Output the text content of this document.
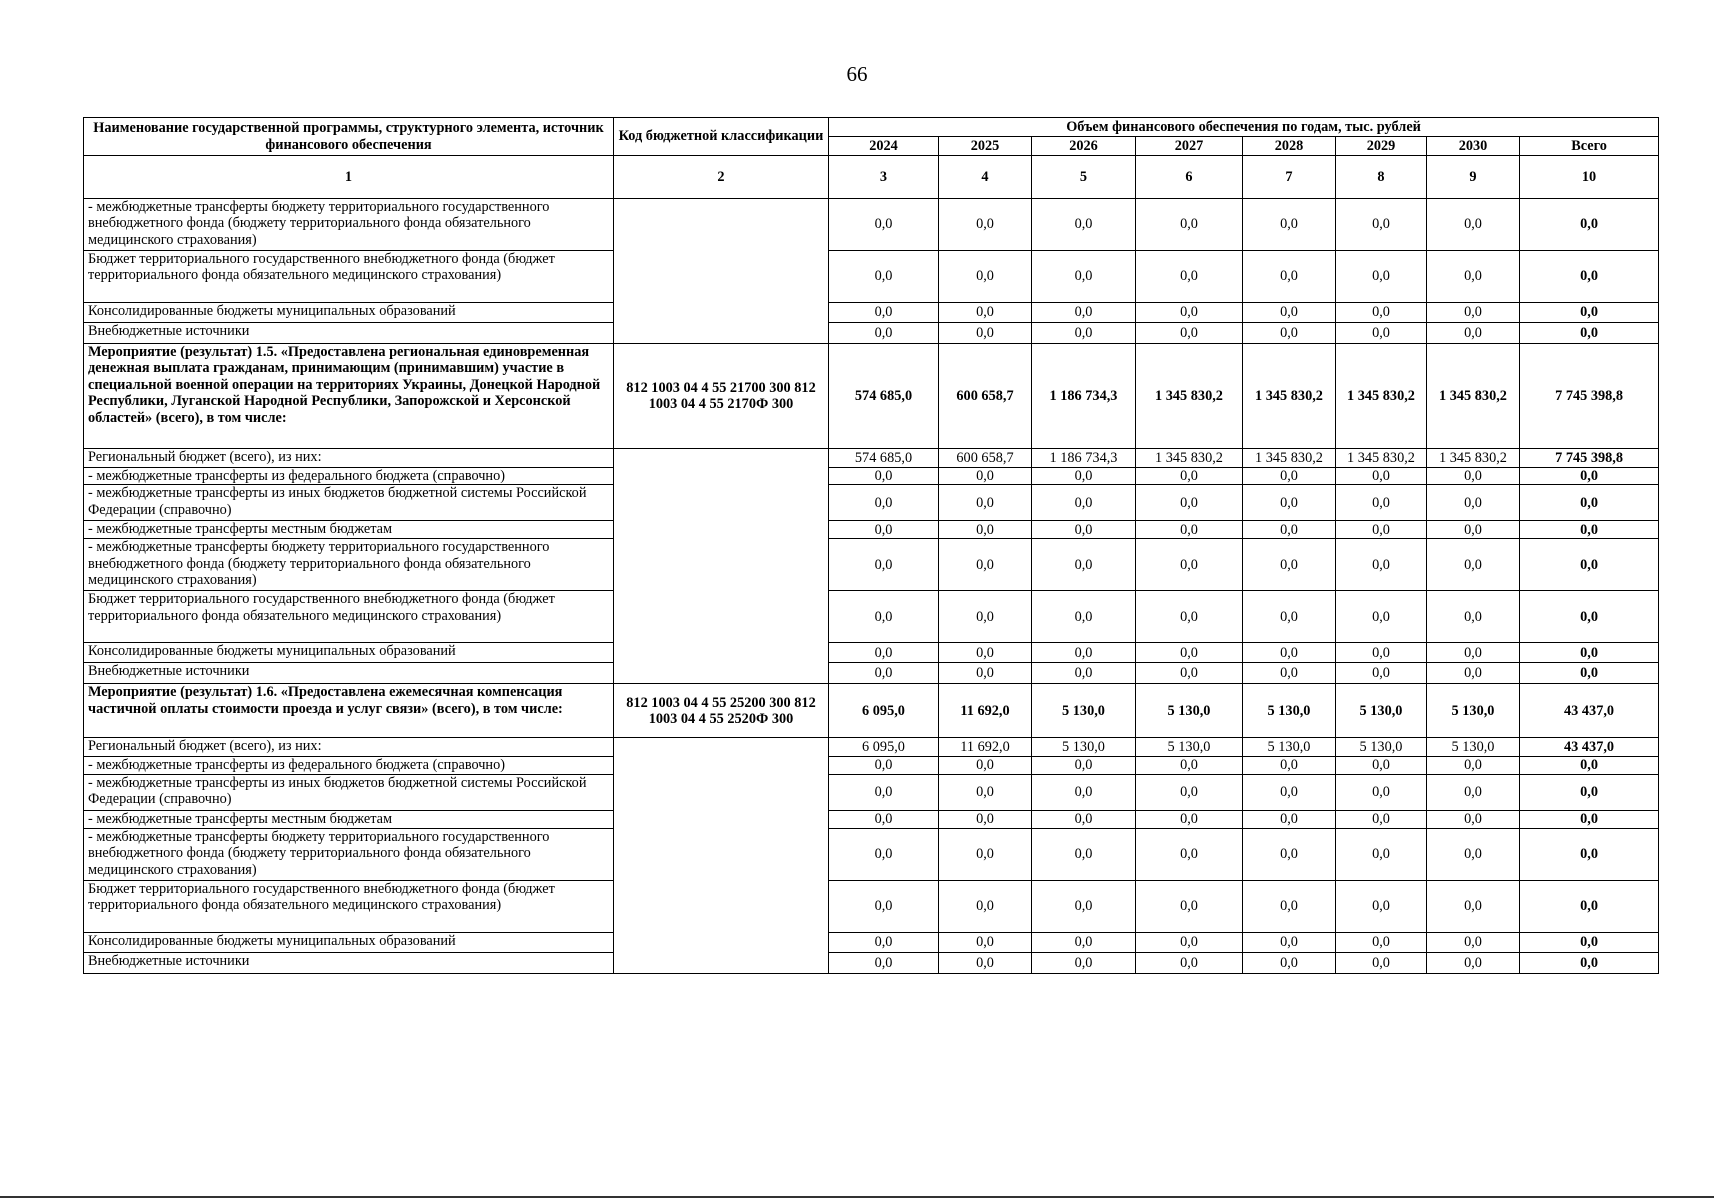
66
Наименование государственной программы, структурного элемента, источник финансового обеспечения	Код бюджетной классификации	Объем финансового обеспечения по годам, тыс. рублей							
		2024	2025	2026	2027	2028	2029	2030	Всего
1	2	3	4	5	6	7	8	9	10
- межбюджетные трансферты бюджету территориального государственного внебюджетного фонда (бюджету территориального фонда обязательного медицинского страхования)		0,0	0,0	0,0	0,0	0,0	0,0	0,0	0,0
Бюджет территориального государственного внебюджетного фонда (бюджет территориального фонда обязательного медицинского страхования)		0,0	0,0	0,0	0,0	0,0	0,0	0,0	0,0
Консолидированные бюджеты муниципальных образований		0,0	0,0	0,0	0,0	0,0	0,0	0,0	0,0
Внебюджетные источники		0,0	0,0	0,0	0,0	0,0	0,0	0,0	0,0
Мероприятие (результат) 1.5. «Предоставлена региональная единовременная денежная выплата гражданам, принимающим (принимавшим) участие в специальной военной операции на территориях Украины, Донецкой Народной Республики, Луганской Народной Республики, Запорожской и Херсонской областей» (всего), в том числе:	812 1003 04 4 55 21700 300 812 1003 04 4 55 2170Ф 300	574 685,0	600 658,7	1 186 734,3	1 345 830,2	1 345 830,2	1 345 830,2	1 345 830,2	7 745 398,8
Региональный бюджет (всего), из них:		574 685,0	600 658,7	1 186 734,3	1 345 830,2	1 345 830,2	1 345 830,2	1 345 830,2	7 745 398,8
- межбюджетные трансферты из федерального бюджета (справочно)		0,0	0,0	0,0	0,0	0,0	0,0	0,0	0,0
- межбюджетные трансферты из иных бюджетов бюджетной системы Российской Федерации (справочно)		0,0	0,0	0,0	0,0	0,0	0,0	0,0	0,0
- межбюджетные трансферты местным бюджетам		0,0	0,0	0,0	0,0	0,0	0,0	0,0	0,0
- межбюджетные трансферты бюджету территориального государственного внебюджетного фонда (бюджету территориального фонда обязательного медицинского страхования)		0,0	0,0	0,0	0,0	0,0	0,0	0,0	0,0
Бюджет территориального государственного внебюджетного фонда (бюджет территориального фонда обязательного медицинского страхования)		0,0	0,0	0,0	0,0	0,0	0,0	0,0	0,0
Консолидированные бюджеты муниципальных образований		0,0	0,0	0,0	0,0	0,0	0,0	0,0	0,0
Внебюджетные источники		0,0	0,0	0,0	0,0	0,0	0,0	0,0	0,0
Мероприятие (результат) 1.6. «Предоставлена ежемесячная компенсация частичной оплаты стоимости проезда и услуг связи» (всего), в том числе:	812 1003 04 4 55 25200 300 812 1003 04 4 55 2520Ф 300	6 095,0	11 692,0	5 130,0	5 130,0	5 130,0	5 130,0	5 130,0	43 437,0
Региональный бюджет (всего), из них:		6 095,0	11 692,0	5 130,0	5 130,0	5 130,0	5 130,0	5 130,0	43 437,0
- межбюджетные трансферты из федерального бюджета (справочно)		0,0	0,0	0,0	0,0	0,0	0,0	0,0	0,0
- межбюджетные трансферты из иных бюджетов бюджетной системы Российской Федерации (справочно)		0,0	0,0	0,0	0,0	0,0	0,0	0,0	0,0
- межбюджетные трансферты местным бюджетам		0,0	0,0	0,0	0,0	0,0	0,0	0,0	0,0
- межбюджетные трансферты бюджету территориального государственного внебюджетного фонда (бюджету территориального фонда обязательного медицинского страхования)		0,0	0,0	0,0	0,0	0,0	0,0	0,0	0,0
Бюджет территориального государственного внебюджетного фонда (бюджет территориального фонда обязательного медицинского страхования)		0,0	0,0	0,0	0,0	0,0	0,0	0,0	0,0
Консолидированные бюджеты муниципальных образований		0,0	0,0	0,0	0,0	0,0	0,0	0,0	0,0
Внебюджетные источники		0,0	0,0	0,0	0,0	0,0	0,0	0,0	0,0
